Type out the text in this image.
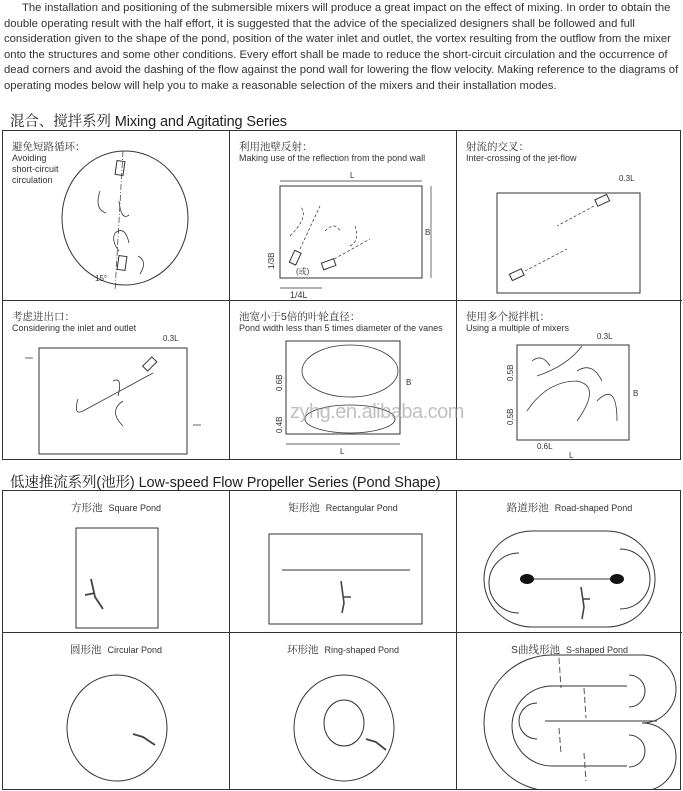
The installation and positioning of the submersible mixers will produce a great impact on the effect of mixing. In order to obtain the
double operating result with the half effort, it is suggested that the advice of the specialized designers shall be followed and full
consideration given to the shape of the pond, position of the water inlet and outlet, the vortex resulting from the outflow from the mixer
onto the structures and some other conditions. Every effort shall be made to reduce the short-circuit circulation and the occurrence of
dead corners and avoid the dashing of the flow against the pond wall for lowering the flow velocity. Making reference to the diagrams of
operating modes below will help you to make a reasonable selection of the mixers and their installation modes.
混合、搅拌系列 Mixing and Agitating Series
15°
避免短路循环：
Avoiding
short-circuit
circulation	L
B
1/3B
1/4L
(或)
利用池壁反射：
Making use of the reflection from the pond wall
0.3L
射流的交叉：
Inter-crossing of the jet-flow
0.3L
考虑进出口：
Considering the inlet and outlet
0.6B
0.4B
B
L
池宽小于5倍的叶轮直径：
Pond width less than 5 times diameter of the vanes
0.3L
0.5B
0.5B
B
0.6L
L
使用多个搅拌机：
Using a multiple of mixers
zyhg.en.alibaba.com
低速推流系列(池形) Low-speed Flow Propeller Series (Pond Shape)
方形池 Square Pond	矩形池 Rectangular Pond	路道形池 Road-shaped Pond
圆形池 Circular Pond	环形池 Ring-shaped Pond	S曲线形池 S-shaped Pond
